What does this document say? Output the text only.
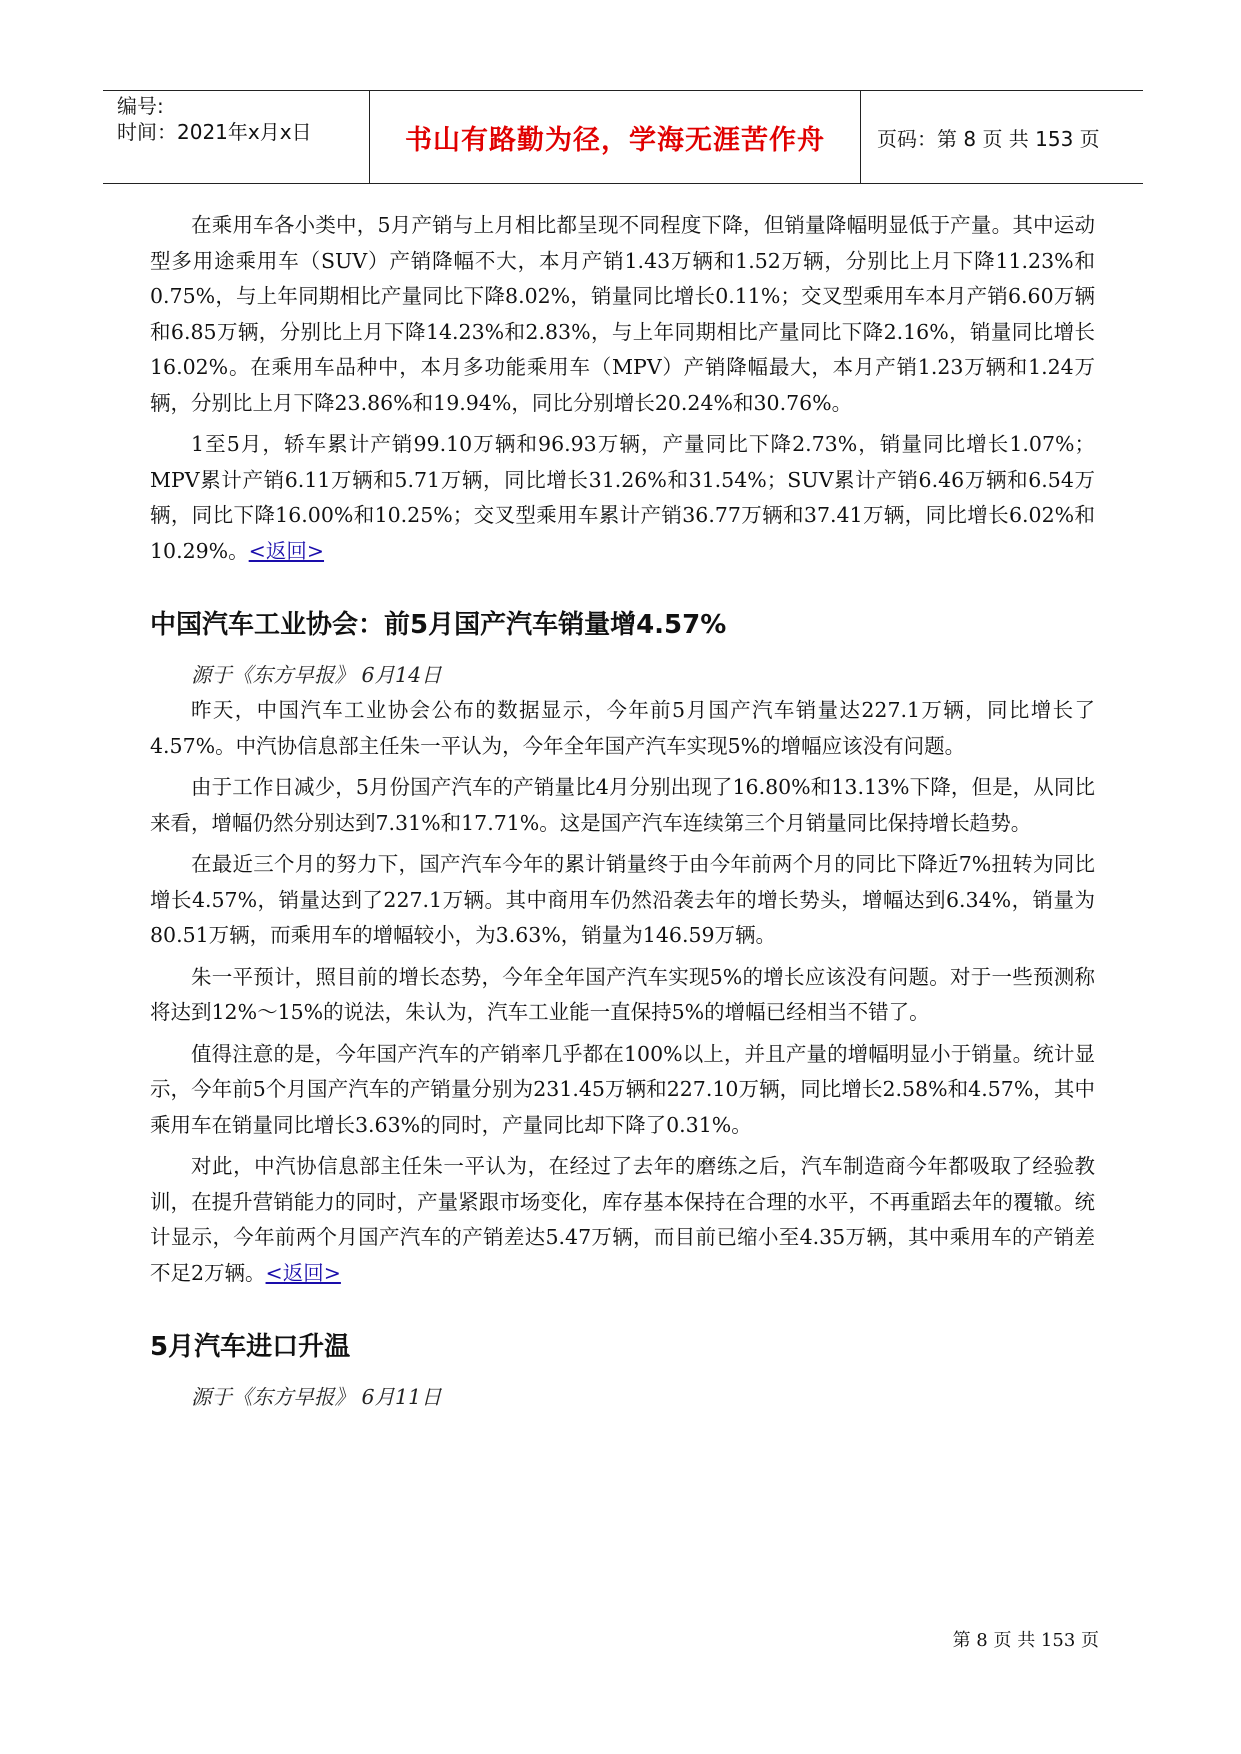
编号:
时间：2021年x月x日	书山有路勤为径，学海无涯苦作舟	页码：第 8 页 共 153 页

在乘用车各小类中，5月产销与上月相比都呈现不同程度下降，但销量降幅明显低于产量。其中运动型多用途乘用车（SUV）产销降幅不大，本月产销1.43万辆和1.52万辆，分别比上月下降11.23%和0.75%，与上年同期相比产量同比下降8.02%，销量同比增长0.11%；交叉型乘用车本月产销6.60万辆和6.85万辆，分别比上月下降14.23%和2.83%，与上年同期相比产量同比下降2.16%，销量同比增长16.02%。在乘用车品种中，本月多功能乘用车（MPV）产销降幅最大，本月产销1.23万辆和1.24万辆，分别比上月下降23.86%和19.94%，同比分别增长20.24%和30.76%。

1至5月，轿车累计产销99.10万辆和96.93万辆，产量同比下降2.73%，销量同比增长1.07%；MPV累计产销6.11万辆和5.71万辆，同比增长31.26%和31.54%；SUV累计产销6.46万辆和6.54万辆，同比下降16.00%和10.25%；交叉型乘用车累计产销36.77万辆和37.41万辆，同比增长6.02%和10.29%。<返回>

中国汽车工业协会：前5月国产汽车销量增4.57%
源于《东方早报》 6月14日

昨天，中国汽车工业协会公布的数据显示，今年前5月国产汽车销量达227.1万辆，同比增长了4.57%。中汽协信息部主任朱一平认为，今年全年国产汽车实现5%的增幅应该没有问题。

由于工作日减少，5月份国产汽车的产销量比4月分别出现了16.80%和13.13%下降，但是，从同比来看，增幅仍然分别达到7.31%和17.71%。这是国产汽车连续第三个月销量同比保持增长趋势。

在最近三个月的努力下，国产汽车今年的累计销量终于由今年前两个月的同比下降近7%扭转为同比增长4.57%，销量达到了227.1万辆。其中商用车仍然沿袭去年的增长势头，增幅达到6.34%，销量为80.51万辆，而乘用车的增幅较小，为3.63%，销量为146.59万辆。

朱一平预计，照目前的增长态势，今年全年国产汽车实现5%的增长应该没有问题。对于一些预测称将达到12%～15%的说法，朱认为，汽车工业能一直保持5%的增幅已经相当不错了。

值得注意的是，今年国产汽车的产销率几乎都在100%以上，并且产量的增幅明显小于销量。统计显示，今年前5个月国产汽车的产销量分别为231.45万辆和227.10万辆，同比增长2.58%和4.57%，其中乘用车在销量同比增长3.63%的同时，产量同比却下降了0.31%。

对此，中汽协信息部主任朱一平认为，在经过了去年的磨练之后，汽车制造商今年都吸取了经验教训，在提升营销能力的同时，产量紧跟市场变化，库存基本保持在合理的水平，不再重蹈去年的覆辙。统计显示，今年前两个月国产汽车的产销差达5.47万辆，而目前已缩小至4.35万辆，其中乘用车的产销差不足2万辆。<返回>

5月汽车进口升温
源于《东方早报》 6月11日
第 8 页 共 153 页
